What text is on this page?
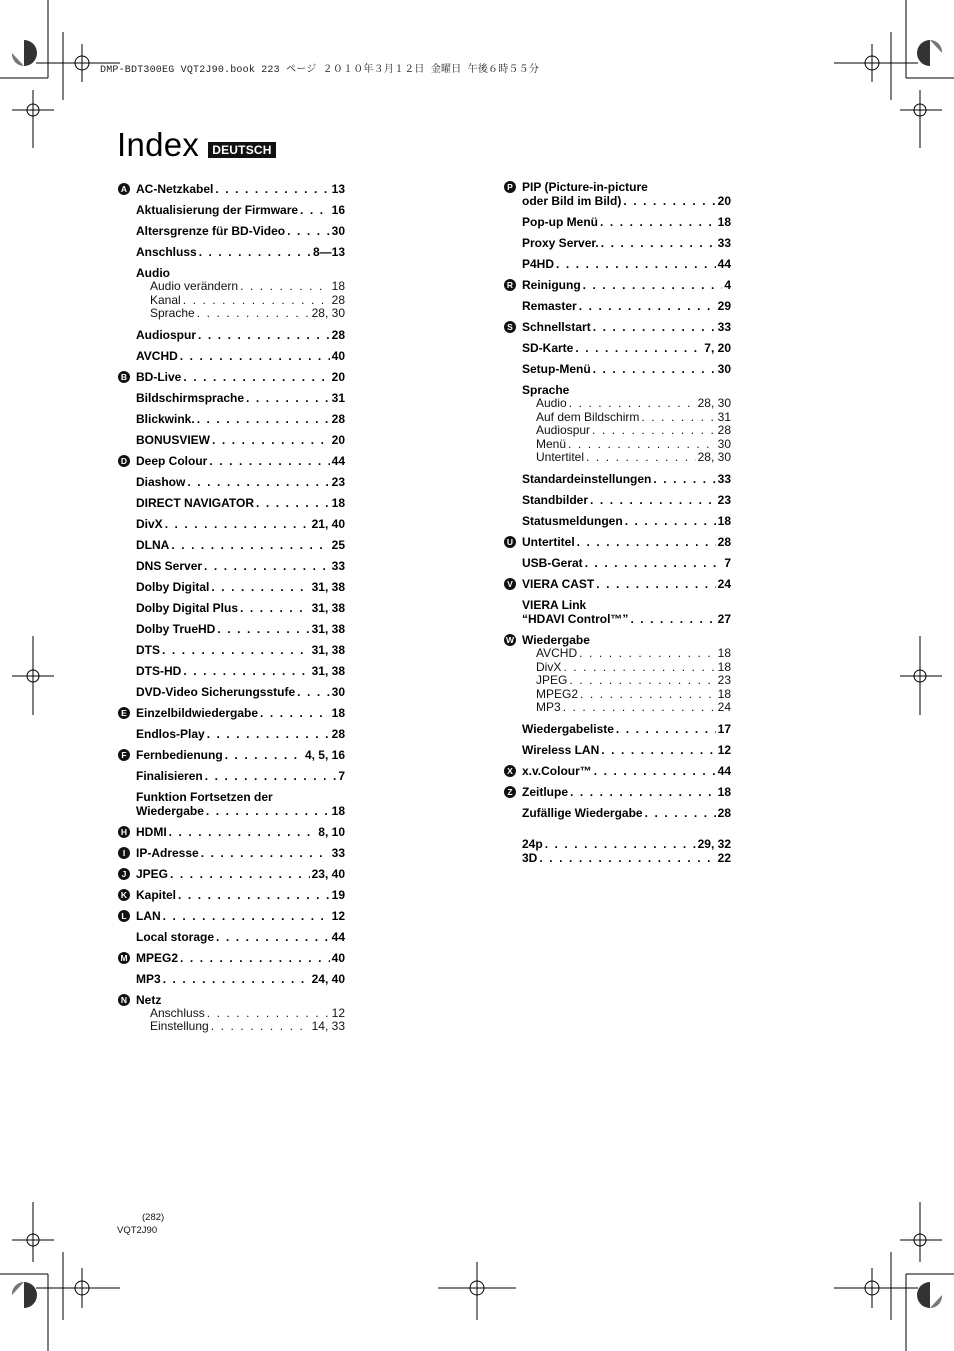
DMP-BDT300EG VQT2J90.book 223 ページ ２０１０年３月１２日 金曜日 午後６時５５分
Index	DEUTSCH
A AC-Netzkabel . . .	13
Aktualisierung der Firmware . . .	16
Altersgrenze für BD-Video . . .	30
Anschluss . . .	8—13
Audio
Audio verändern . . .	18
Kanal . . .	28
Sprache . . .	28, 30
Audiospur . . .	28
AVCHD . . .	40
B BD-Live . . .	20
Bildschirmsprache . . .	31
Blickwink. . . .	28
BONUSVIEW . . .	20
D Deep Colour . . .	44
Diashow . . .	23
DIRECT NAVIGATOR . . .	18
DivX . . .	21, 40
DLNA . . .	25
DNS Server . . .	33
Dolby Digital . . .	31, 38
Dolby Digital Plus . . .	31, 38
Dolby TrueHD . . .	31, 38
DTS . . .	31, 38
DTS-HD . . .	31, 38
DVD-Video Sicherungsstufe . . .	30
E Einzelbildwiedergabe . . .	18
Endlos-Play . . .	28
F Fernbedienung . . .	4, 5, 16
Finalisieren . . .	7
Funktion Fortsetzen der
Wiedergabe . . .	18
H HDMI . . .	8, 10
I IP-Adresse . . .	33
J JPEG . . .	23, 40
K Kapitel . . .	19
L LAN . . .	12
Local storage . . .	44
M MPEG2 . . .	40
MP3 . . .	24, 40
N Netz
Anschluss . . .	12
Einstellung . . .	14, 33
P PIP (Picture-in-picture
oder Bild im Bild) . . .	20
Pop-up Menü . . .	18
Proxy Server. . . .	33
P4HD . . .	44
R Reinigung . . .	4
Remaster . . .	29
S Schnellstart . . .	33
SD-Karte . . .	7, 20
Setup-Menü . . .	30
Sprache
Audio . . .	28, 30
Auf dem Bildschirm . . .	31
Audiospur . . .	28
Menü . . .	30
Untertitel . . .	28, 30
Standardeinstellungen . . .	33
Standbilder . . .	23
Statusmeldungen . . .	18
U Untertitel . . .	28
USB-Gerat . . .	7
V VIERA CAST . . .	24
VIERA Link
“HDAVI Control™” . . .	27
W Wiedergabe
AVCHD . . .	18
DivX . . .	18
JPEG . . .	23
MPEG2 . . .	18
MP3 . . .	24
Wiedergabeliste . . .	17
Wireless LAN . . .	12
X x.v.Colour™ . . .	44
Z Zeitlupe . . .	18
Zufällige Wiedergabe . . .	28
24p . . .	29, 32
3D . . .	22
(282)
VQT2J90
